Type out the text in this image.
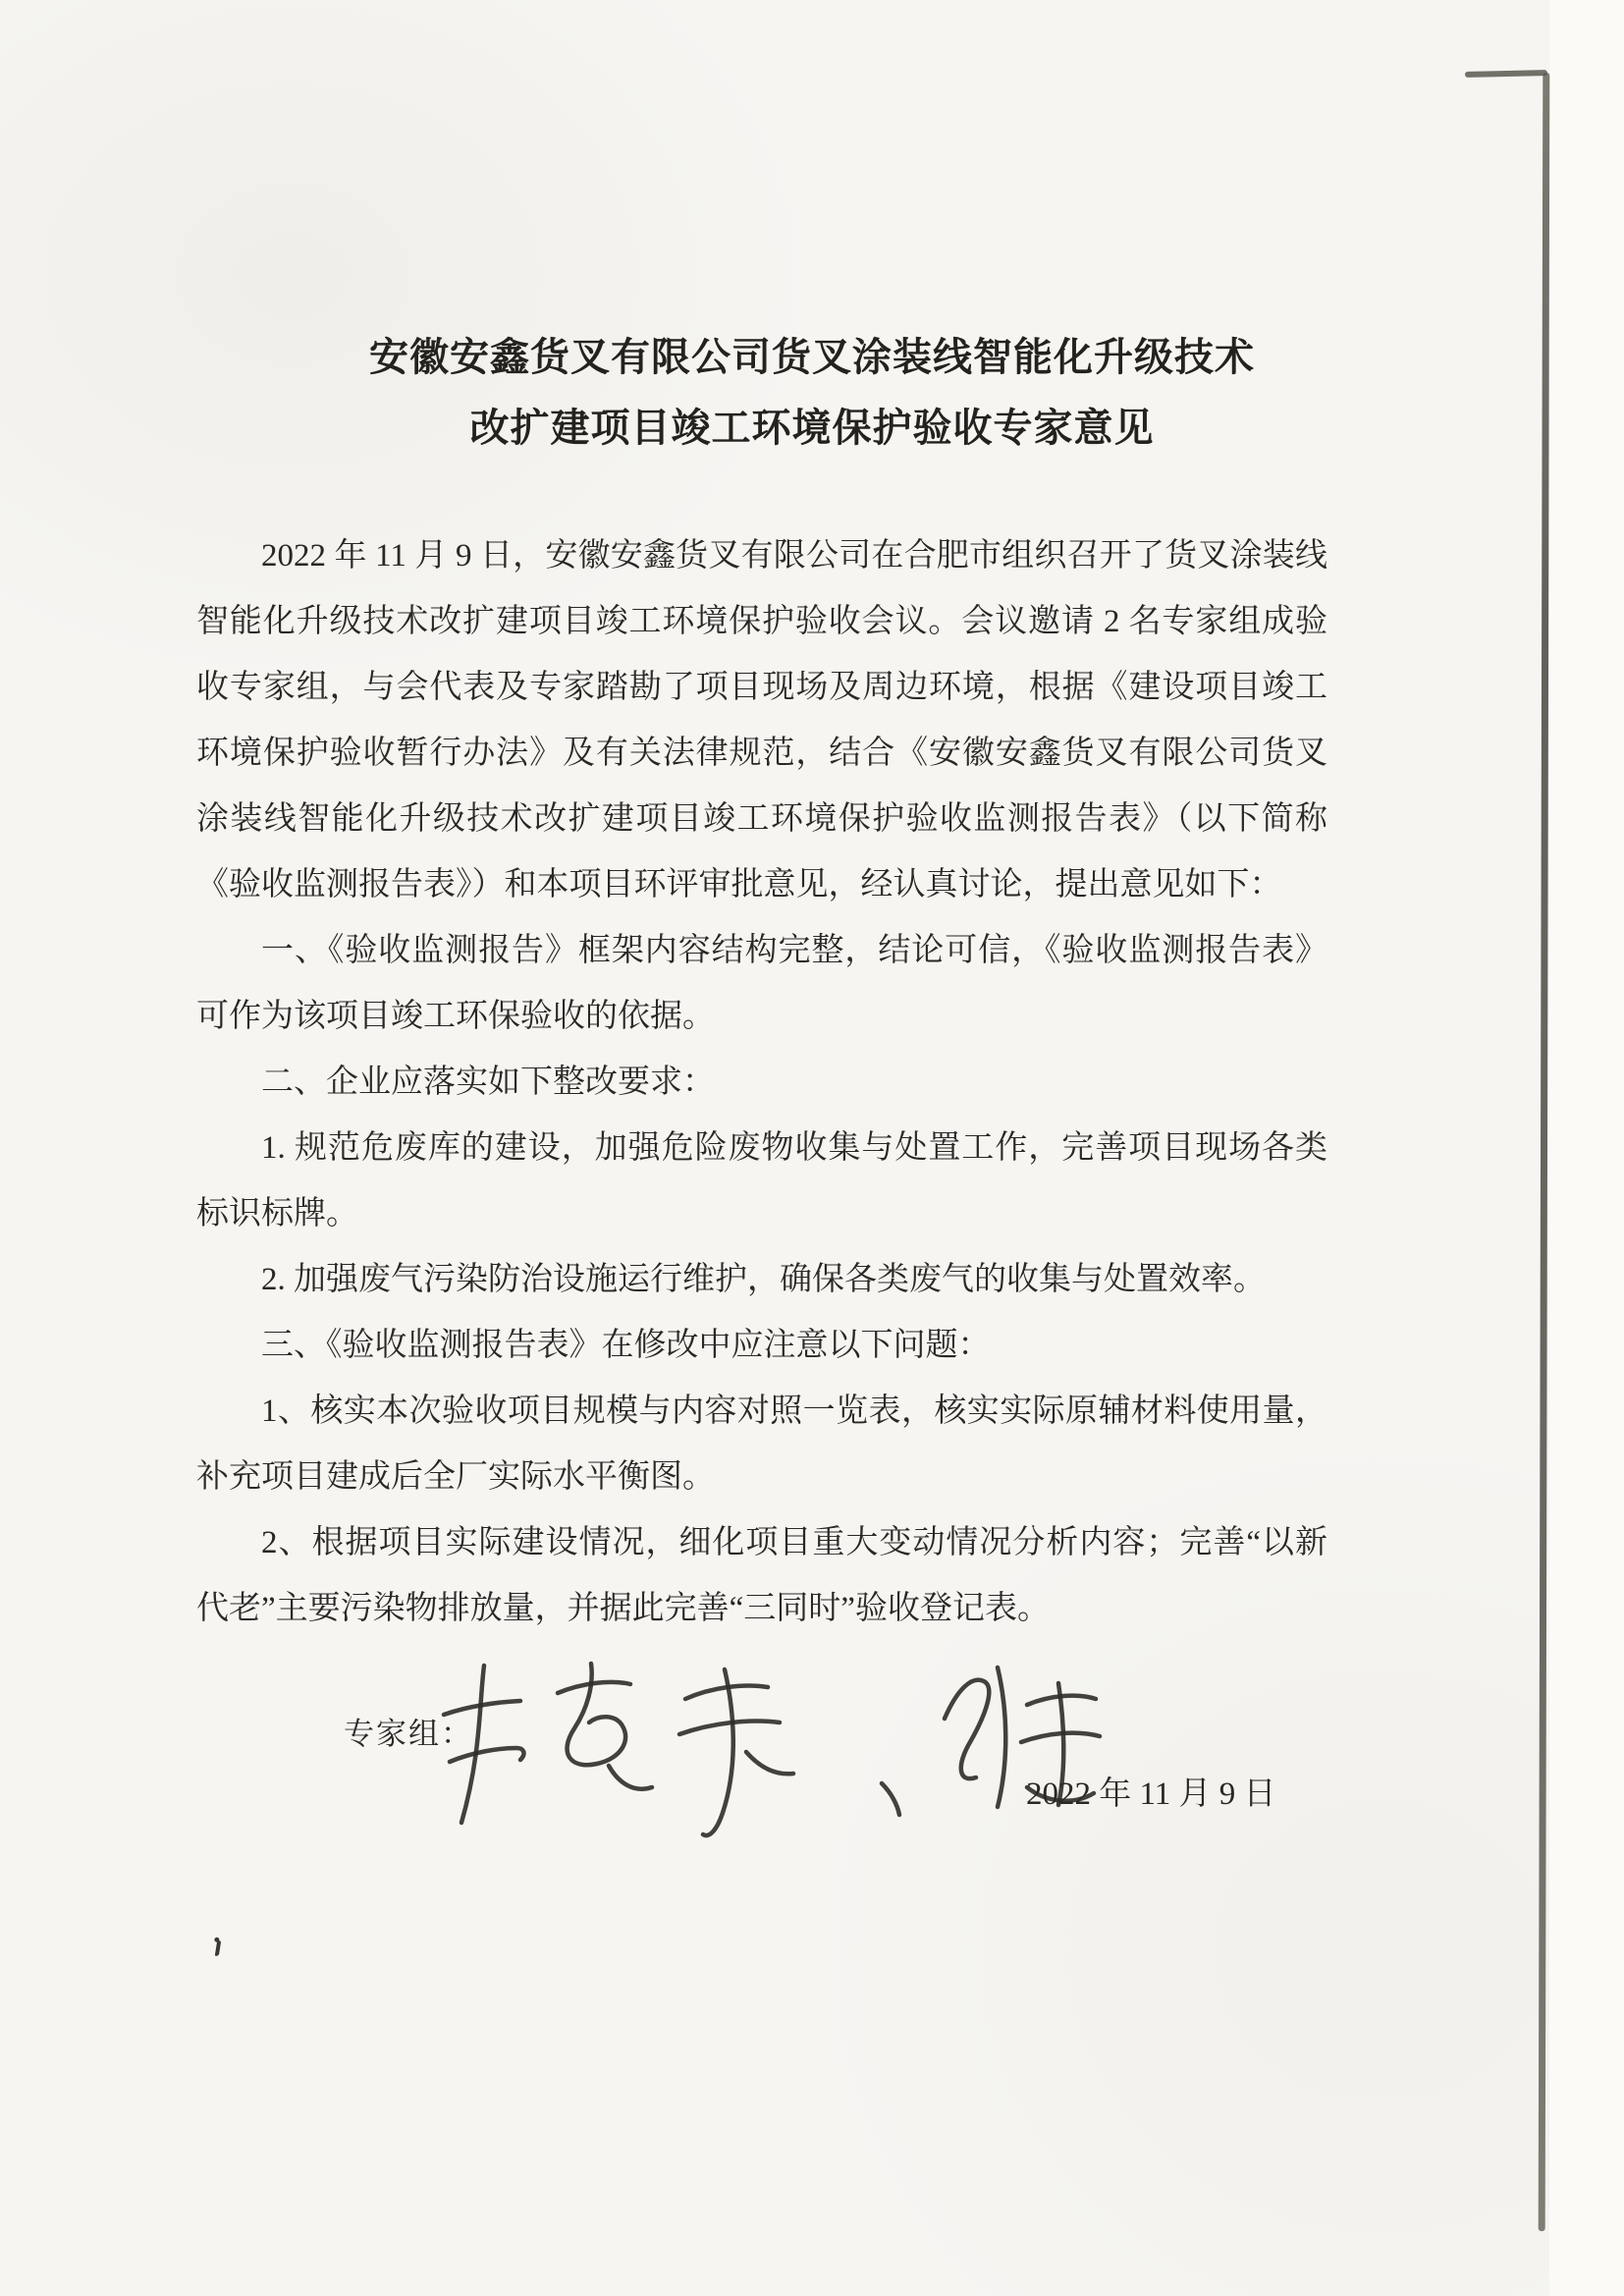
安徽安鑫货叉有限公司货叉涂装线智能化升级技术
改扩建项目竣工环境保护验收专家意见

2022 年 11 月 9 日，安徽安鑫货叉有限公司在合肥市组织召开了货叉涂装线智能化升级技术改扩建项目竣工环境保护验收会议。会议邀请 2 名专家组成验收专家组，与会代表及专家踏勘了项目现场及周边环境，根据《建设项目竣工环境保护验收暂行办法》及有关法律规范，结合《安徽安鑫货叉有限公司货叉涂装线智能化升级技术改扩建项目竣工环境保护验收监测报告表》（以下简称《验收监测报告表》）和本项目环评审批意见，经认真讨论，提出意见如下：

一、《验收监测报告》框架内容结构完整，结论可信，《验收监测报告表》可作为该项目竣工环保验收的依据。

二、企业应落实如下整改要求：

1. 规范危废库的建设，加强危险废物收集与处置工作，完善项目现场各类标识标牌。

2. 加强废气污染防治设施运行维护，确保各类废气的收集与处置效率。

三、《验收监测报告表》在修改中应注意以下问题：

1、核实本次验收项目规模与内容对照一览表，核实实际原辅材料使用量，补充项目建成后全厂实际水平衡图。

2、根据项目实际建设情况，细化项目重大变动情况分析内容；完善“以新代老”主要污染物排放量，并据此完善“三同时”验收登记表。

专家组：
2022 年 11 月 9 日
